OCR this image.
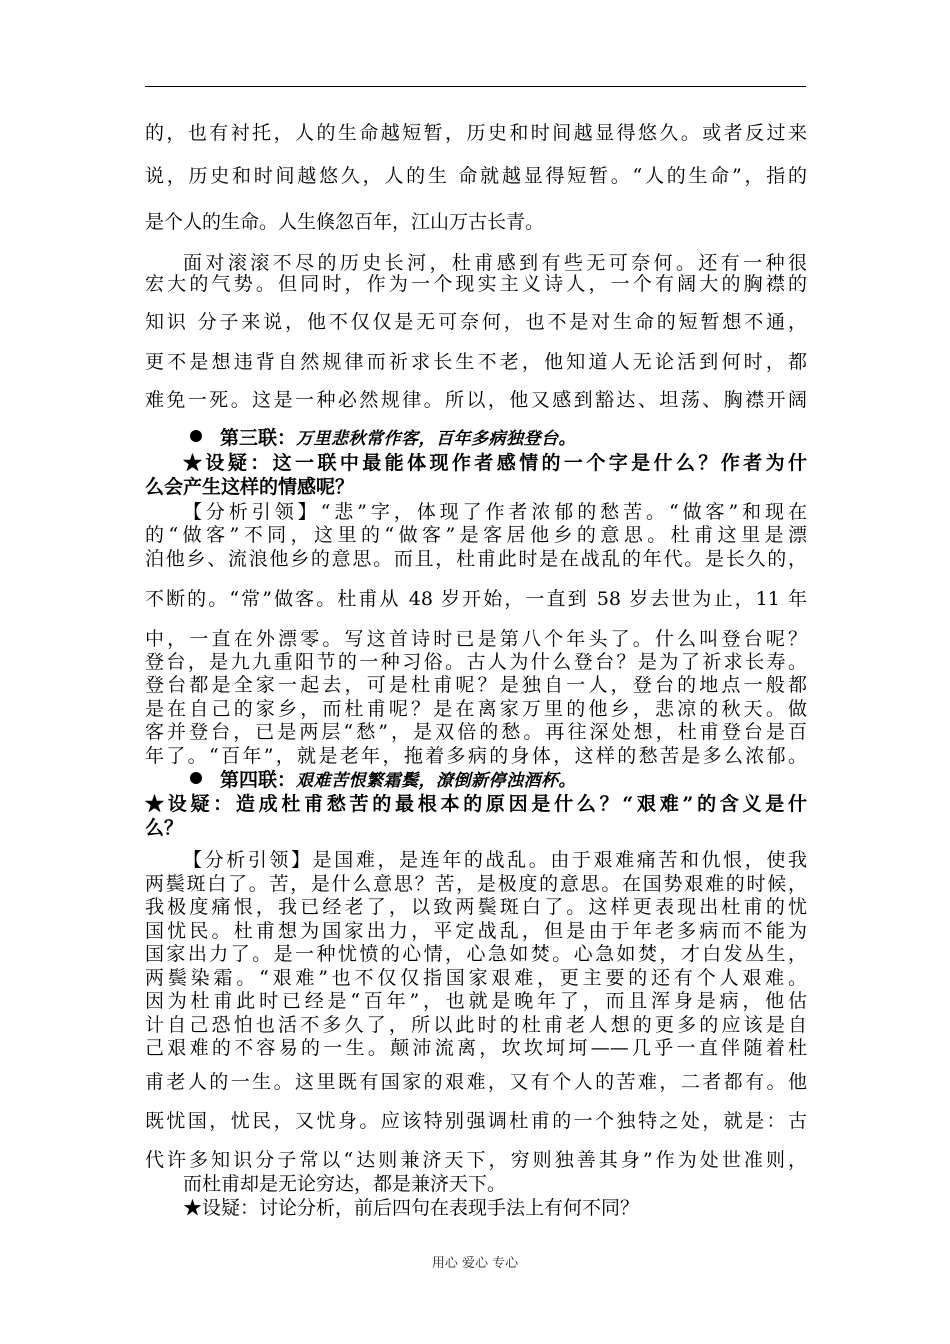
的，也有衬托，人的生命越短暂，历史和时间越显得悠久。或者反过来
说，历史和时间越悠久，人的生 命就越显得短暂。“人的生命”，指的
是个人的生命。人生倏忽百年，江山万古长青。
面对滚滚不尽的历史长河，杜甫感到有些无可奈何。还有一种很
宏大的气势。但同时，作为一个现实主义诗人，一个有阔大的胸襟的
知识 分子来说，他不仅仅是无可奈何，也不是对生命的短暂想不通，
更不是想违背自然规律而祈求长生不老，他知道人无论活到何时，都
难免一死。这是一种必然规律。所以，他又感到豁达、坦荡、胸襟开阔
第三联：万里悲秋常作客，百年多病独登台。
★设疑：这一联中最能体现作者感情的一个字是什么？作者为什
么会产生这样的情感呢？
【分析引领】“悲”字，体现了作者浓郁的愁苦。“做客”和现在
的“做客”不同，这里的“做客”是客居他乡的意思。杜甫这里是漂
泊他乡、流浪他乡的意思。而且，杜甫此时是在战乱的年代。是长久的，
不断的。“常”做客。杜甫从 48 岁开始，一直到 58 岁去世为止，11 年
中，一直在外漂零。写这首诗时已是第八个年头了。什么叫登台呢？
登台，是九九重阳节的一种习俗。古人为什么登台？是为了祈求长寿。
登台都是全家一起去，可是杜甫呢？是独自一人，登台的地点一般都
是在自己的家乡，而杜甫呢？是在离家万里的他乡，悲凉的秋天。做
客并登台，已是两层“愁”，是双倍的愁。再往深处想，杜甫登台是百
年了。“百年”，就是老年，拖着多病的身体，这样的愁苦是多么浓郁。
第四联：艰难苦恨繁霜鬓，潦倒新停浊酒杯。
★设疑：造成杜甫愁苦的最根本的原因是什么？“艰难”的含义是什
么？
【分析引领】是国难，是连年的战乱。由于艰难痛苦和仇恨，使我
两鬓斑白了。苦，是什么意思？苦，是极度的意思。在国势艰难的时候，
我极度痛恨，我已经老了，以致两鬓斑白了。这样更表现出杜甫的忧
国忧民。杜甫想为国家出力，平定战乱，但是由于年老多病而不能为
国家出力了。是一种忧愤的心情，心急如焚。心急如焚，才白发丛生，
两鬓染霜。“艰难”也不仅仅指国家艰难，更主要的还有个人艰难。
因为杜甫此时已经是“百年”，也就是晚年了，而且浑身是病，他估
计自己恐怕也活不多久了，所以此时的杜甫老人想的更多的应该是自
己艰难的不容易的一生。颠沛流离，坎坎坷坷——几乎一直伴随着杜
甫老人的一生。这里既有国家的艰难，又有个人的苦难，二者都有。他
既忧国，忧民，又忧身。应该特别强调杜甫的一个独特之处，就是：古
代许多知识分子常以“达则兼济天下，穷则独善其身”作为处世准则，
而杜甫却是无论穷达，都是兼济天下。
★设疑：讨论分析，前后四句在表现手法上有何不同？
用心 爱心 专心
